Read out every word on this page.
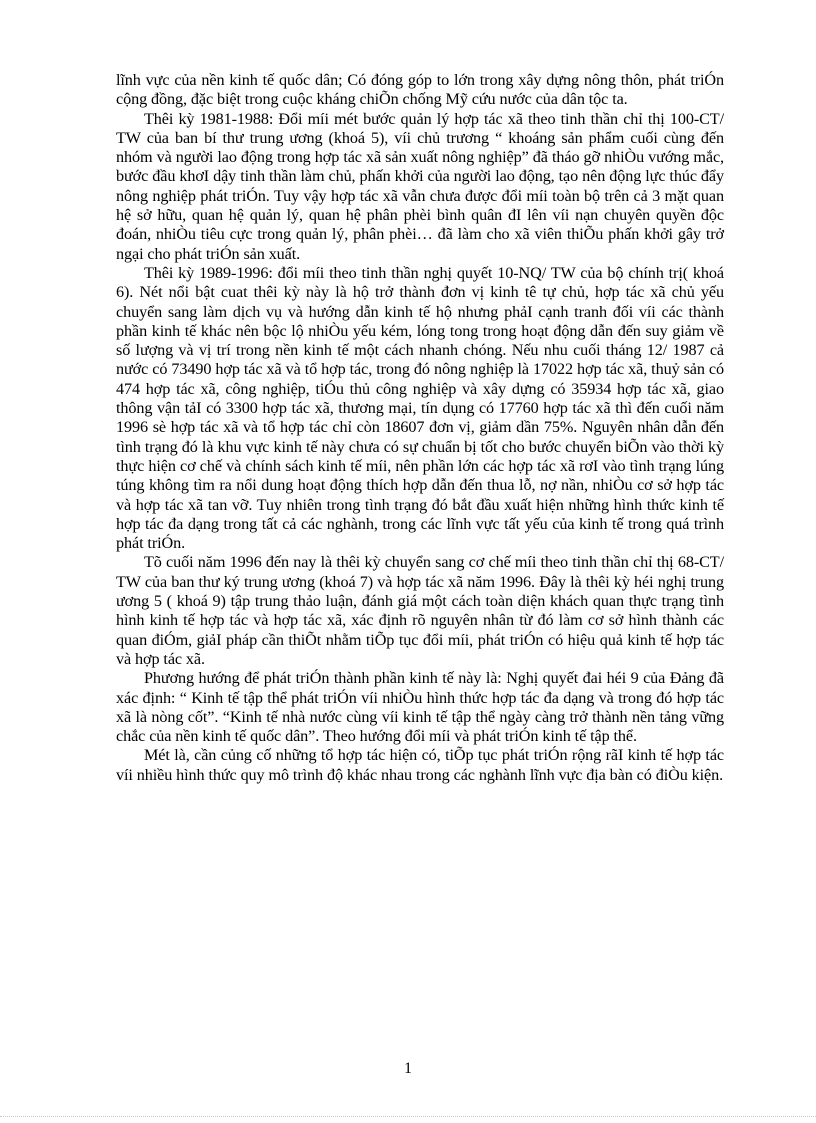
lĩnh vực của nền kinh tế quốc dân; Có đóng góp to lớn trong xây dựng nông thôn, phát triÓn cộng đồng, đặc biệt trong cuộc kháng chiÕn chống Mỹ cứu nước của dân tộc ta.

Thêi kỳ 1981-1988: Đổi míi mét bước quản lý hợp tác xã theo tinh thần chỉ thị 100-CT/ TW của ban bí thư trung ương (khoá 5), víi chủ trương “ khoáng sản phẩm cuối cùng đến nhóm và người lao động trong hợp tác xã sản xuất nông nghiệp” đã tháo gỡ nhiÒu vướng mắc, bước đầu khơI dậy tinh thần làm chủ, phấn khởi của người lao động, tạo nên động lực thúc đẩy nông nghiệp phát triÓn. Tuy vậy hợp tác xã vẫn chưa được đổi míi toàn bộ trên cả 3 mặt quan hệ sở hữu, quan hệ quản lý, quan hệ phân phèi bình quân đI lên víi nạn chuyên quyền độc đoán, nhiÒu tiêu cực trong quản lý, phân phèi… đã làm cho xã viên thiÕu phấn khởi gây trở ngại cho phát triÓn sản xuất.

Thêi kỳ 1989-1996: đổi míi theo tinh thần nghị quyết 10-NQ/ TW của bộ chính trị( khoá 6). Nét nổi bật cuat thêi kỳ này là hộ trở thành đơn vị kinh tê tự chủ, hợp tác xã chủ yếu chuyển sang làm dịch vụ và hướng dẫn kinh tế hộ nhưng phảI cạnh tranh đối víi các thành phần kinh tế khác nên bộc lộ nhiÒu yếu kém, lóng tong trong hoạt động dẫn đến suy giảm về số lượng và vị trí trong nền kinh tế một cách nhanh chóng. Nếu nhu cuối tháng 12/ 1987 cả nước có 73490 hợp tác xã và tổ hợp tác, trong đó nông nghiệp là 17022 hợp tác xã, thuỷ sản có 474 hợp tác xã, công nghiệp, tiÓu thủ công nghiệp và xây dựng có 35934 hợp tác xã, giao thông vận tảI có 3300 hợp tác xã, thương mại, tín dụng có 17760 hợp tác xã thì đến cuối năm 1996 sè hợp tác xã và tổ hợp tác chỉ còn 18607 đơn vị, giảm dần 75%. Nguyên nhân dẫn đến tình trạng đó là khu vực kinh tế này chưa có sự chuẩn bị tốt cho bước chuyển biÕn vào thời kỳ thực hiện cơ chế và chính sách kinh tế míi, nên phần lớn các hợp tác xã rơI vào tình trạng lúng túng không tìm ra nổi dung hoạt động thích hợp dẫn đến thua lỗ, nợ nần, nhiÒu cơ sở hợp tác và hợp tác xã tan vỡ. Tuy nhiên trong tình trạng đó bắt đầu xuất hiện những hình thức kinh tế hợp tác đa dạng trong tất cả các nghành, trong các lĩnh vực tất yếu của kinh tế trong quá trình phát triÓn.

Tõ cuối năm 1996 đến nay là thêi kỳ chuyển sang cơ chế míi theo tinh thần chỉ thị 68-CT/ TW của ban thư ký trung ương (khoá 7) và hợp tác xã năm 1996. Đây là thêi kỳ héi nghị trung ương 5 ( khoá 9) tập trung thảo luận, đánh giá một cách toàn diện khách quan thực trạng tình hình kinh tế hợp tác và hợp tác xã, xác định rõ nguyên nhân từ đó làm cơ sở hình thành các quan điÓm, giảI pháp cần thiÕt nhằm tiÕp tục đổi míi, phát triÓn có hiệu quả kinh tế hợp tác và hợp tác xã.

Phương hướng để phát triÓn thành phần kinh tế này là: Nghị quyết đai héi 9 của Đảng đã xác định: “ Kinh tế tập thể phát triÓn víi nhiÒu hình thức hợp tác đa dạng và trong đó hợp tác xã là nòng cốt”. “Kinh tế nhà nước cùng víi kinh tế tập thể ngày càng trở thành nền tảng vững chắc của nền kinh tế quốc dân”. Theo hướng đổi míi và phát triÓn kinh tế tập thể.

Mét là, cần củng cố những tổ hợp tác hiện có, tiÕp tục phát triÓn rộng rãI kinh tế hợp tác víi nhiều hình thức quy mô trình độ khác nhau trong các nghành lĩnh vực địa bàn có điÒu kiện.

1
